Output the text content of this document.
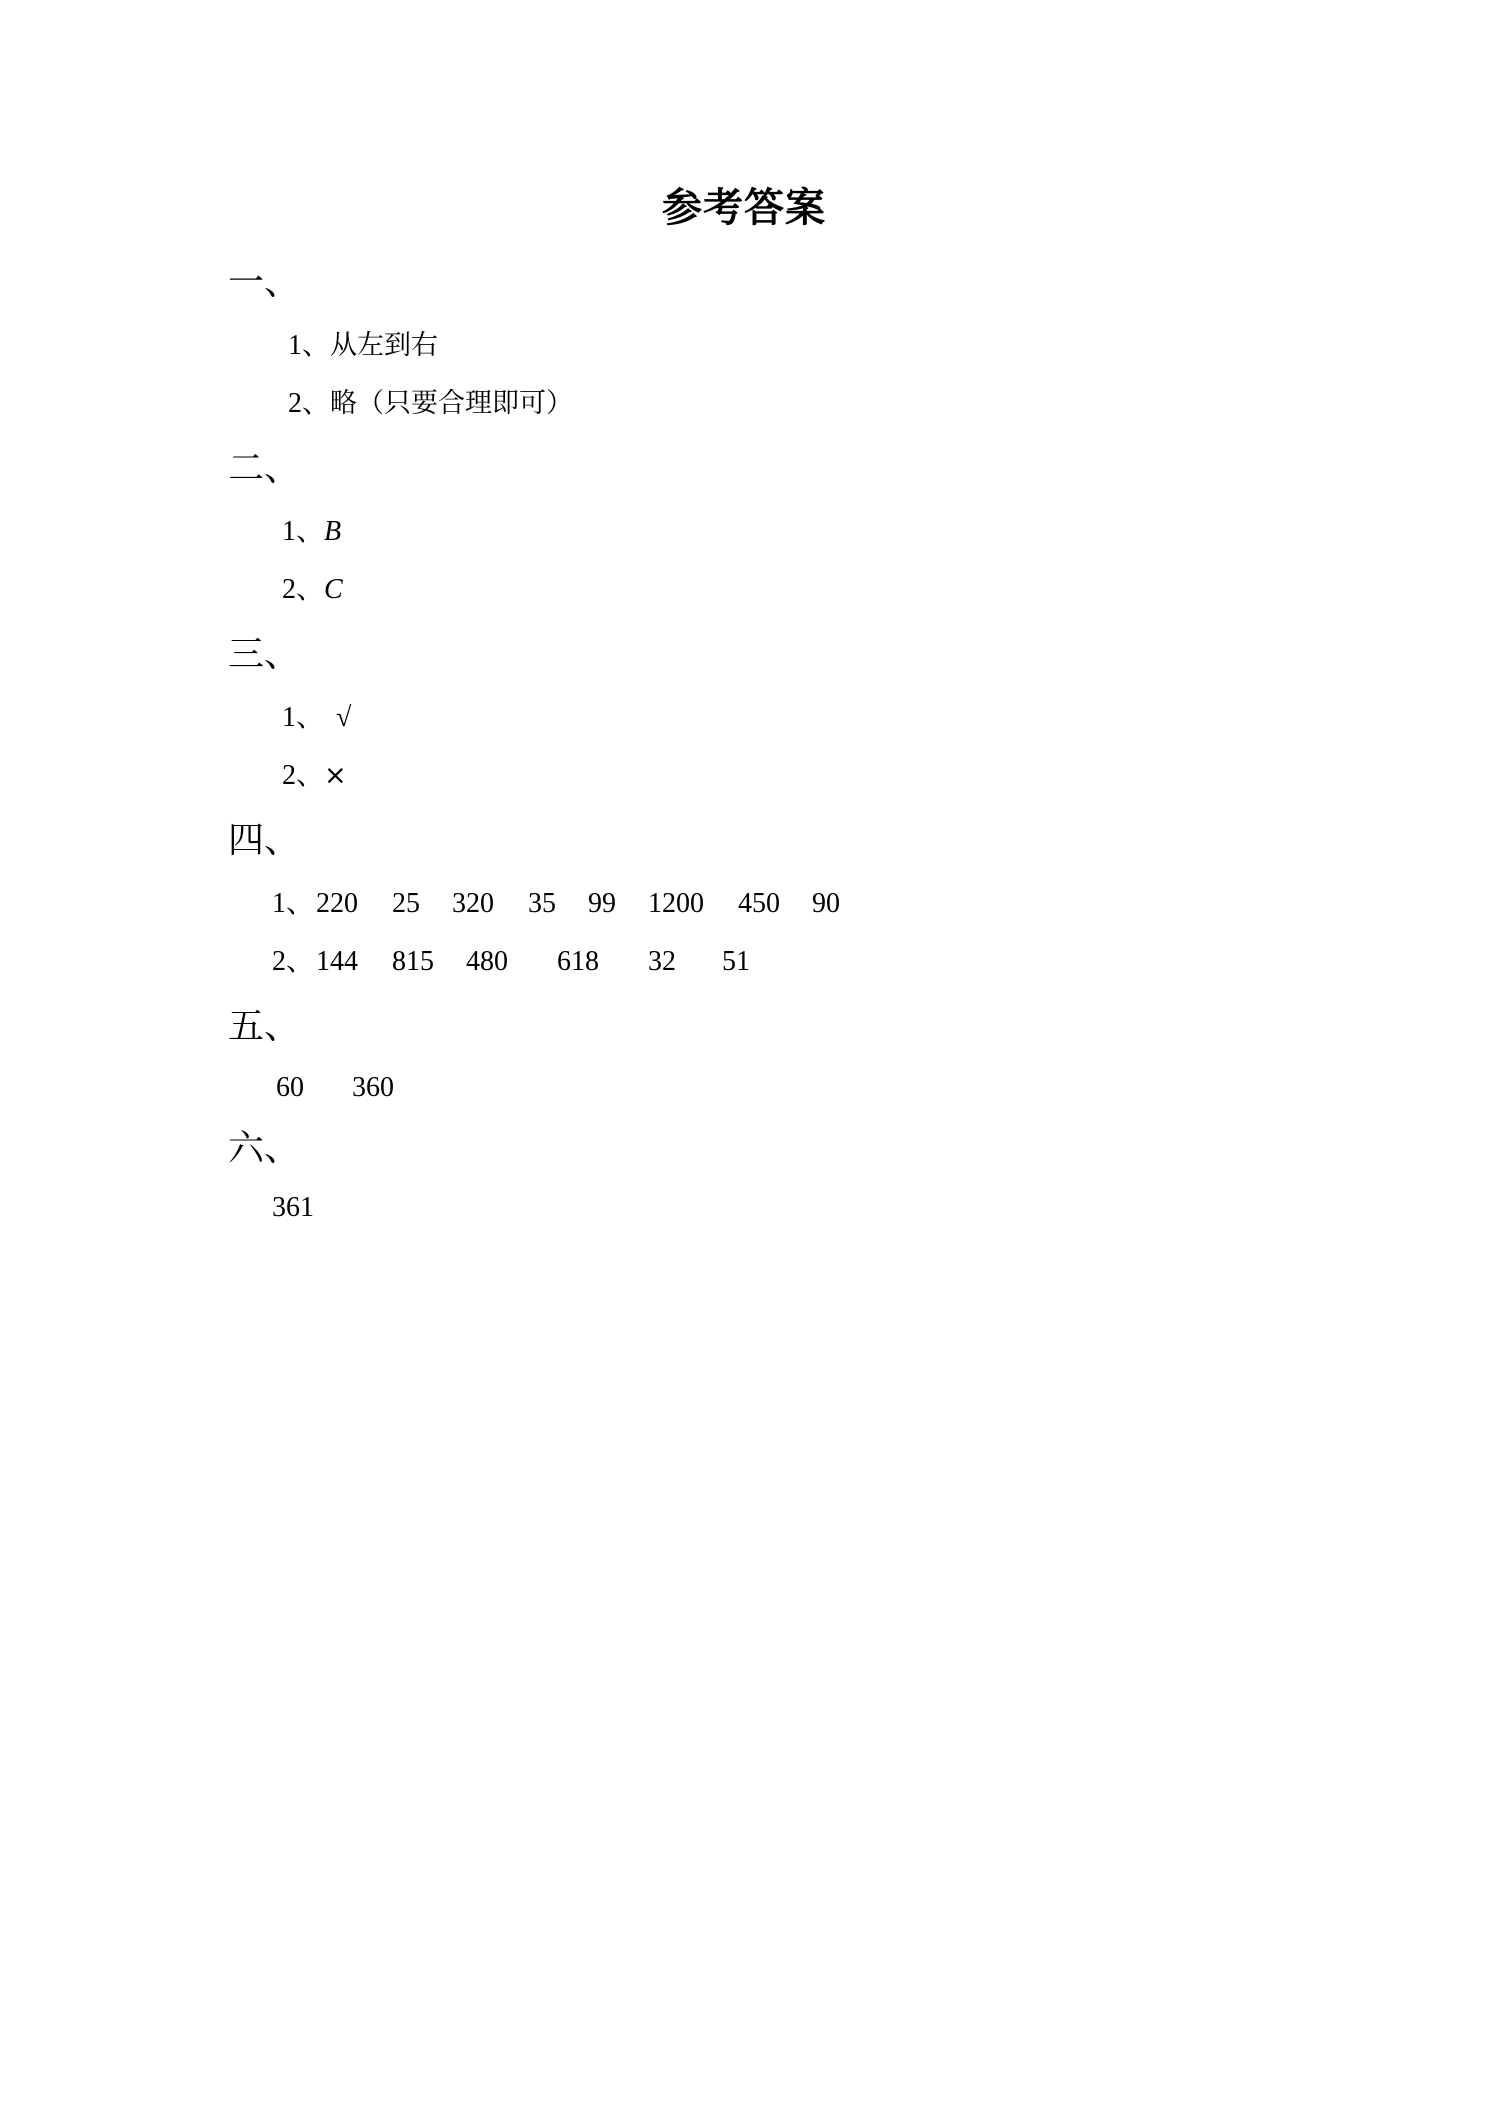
参考答案
一、
1、从左到右
2、略（只要合理即可）
二、
1、B
2、C
三、
1、 √
2、×
四、
1、 220 25 320 35 99 1200 450 90
2、 144 815 480 618 32 51
五、
60 360
六、
361
